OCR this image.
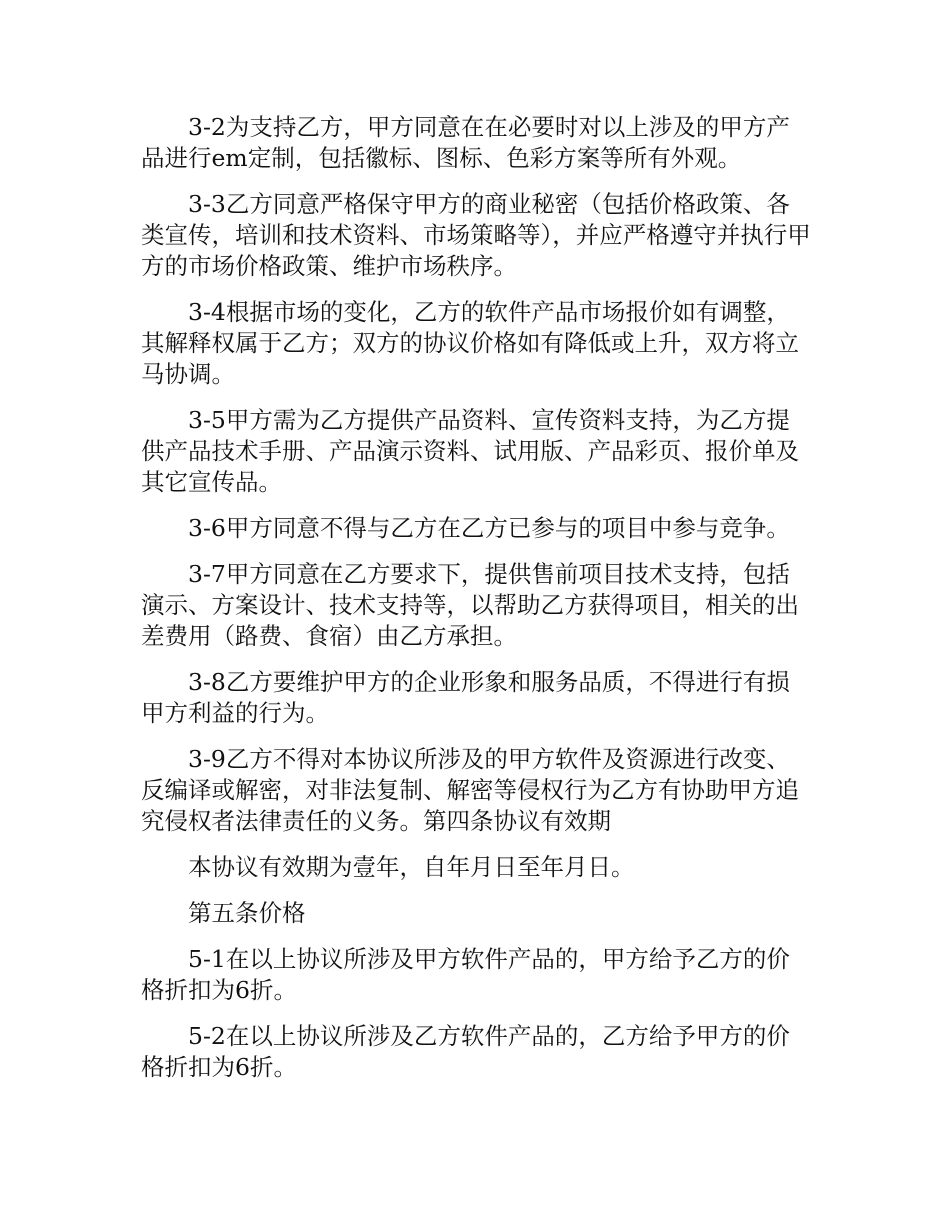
3-2为支持乙方，甲方同意在在必要时对以上涉及的甲方产品进行em定制，包括徽标、图标、色彩方案等所有外观。

3-3乙方同意严格保守甲方的商业秘密（包括价格政策、各类宣传，培训和技术资料、市场策略等），并应严格遵守并执行甲方的市场价格政策、维护市场秩序。

3-4根据市场的变化，乙方的软件产品市场报价如有调整，其解释权属于乙方；双方的协议价格如有降低或上升，双方将立马协调。

3-5甲方需为乙方提供产品资料、宣传资料支持，为乙方提供产品技术手册、产品演示资料、试用版、产品彩页、报价单及其它宣传品。

3-6甲方同意不得与乙方在乙方已参与的项目中参与竞争。

3-7甲方同意在乙方要求下，提供售前项目技术支持，包括演示、方案设计、技术支持等，以帮助乙方获得项目，相关的出差费用（路费、食宿）由乙方承担。

3-8乙方要维护甲方的企业形象和服务品质，不得进行有损甲方利益的行为。

3-9乙方不得对本协议所涉及的甲方软件及资源进行改变、反编译或解密，对非法复制、解密等侵权行为乙方有协助甲方追究侵权者法律责任的义务。第四条协议有效期

本协议有效期为壹年，自年月日至年月日。

第五条价格

5-1在以上协议所涉及甲方软件产品的，甲方给予乙方的价格折扣为6折。

5-2在以上协议所涉及乙方软件产品的，乙方给予甲方的价格折扣为6折。
